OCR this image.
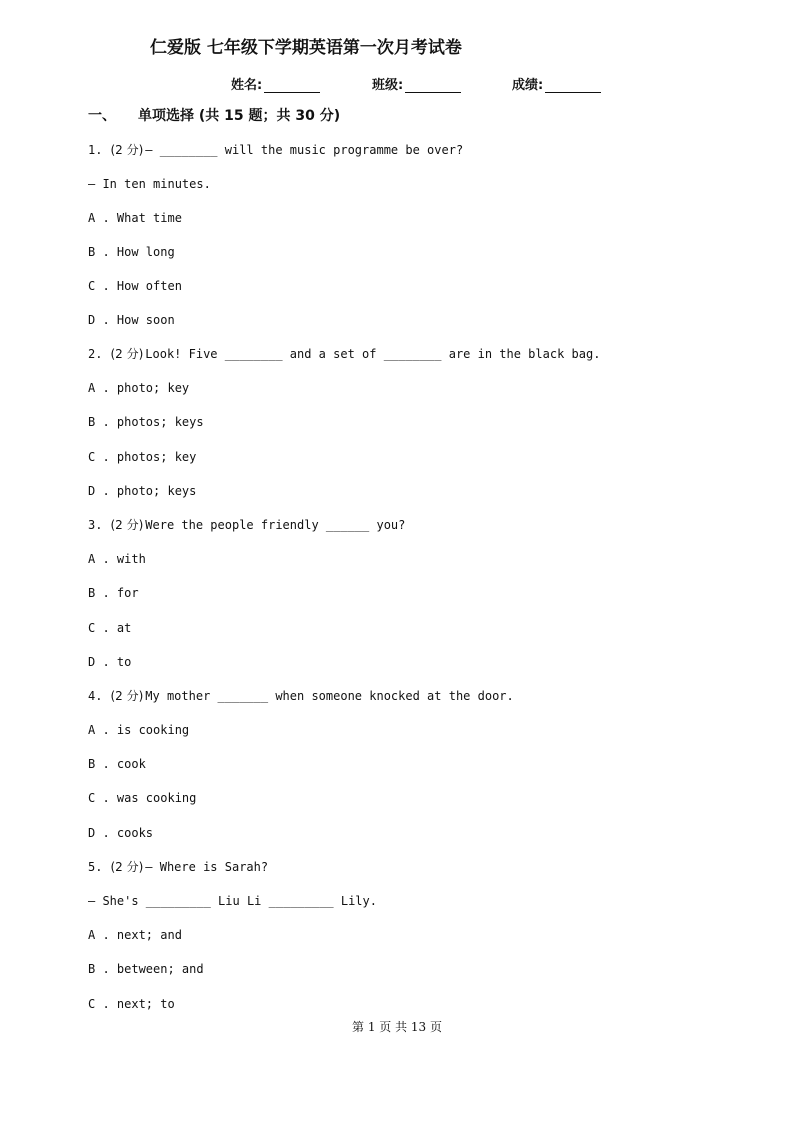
仁爱版 七年级下学期英语第一次月考试卷
姓名:	班级:	成绩:
一、 单项选择 (共 15 题；共 30 分)
1. (2 分) — ________ will the music programme be over?
— In ten minutes.
A . What time
B . How long
C . How often
D . How soon
2. (2 分) Look! Five ________ and a set of ________ are in the black bag.
A . photo; key
B . photos; keys
C . photos; key
D . photo; keys
3. (2 分) Were the people friendly ______ you?
A . with
B . for
C . at
D . to
4. (2 分) My mother _______ when someone knocked at the door.
A . is cooking
B . cook
C . was cooking
D . cooks
5. (2 分) — Where is Sarah?
— She's _________ Liu Li _________ Lily.
A . next; and
B . between; and
C . next; to
第 1 页 共 13 页
